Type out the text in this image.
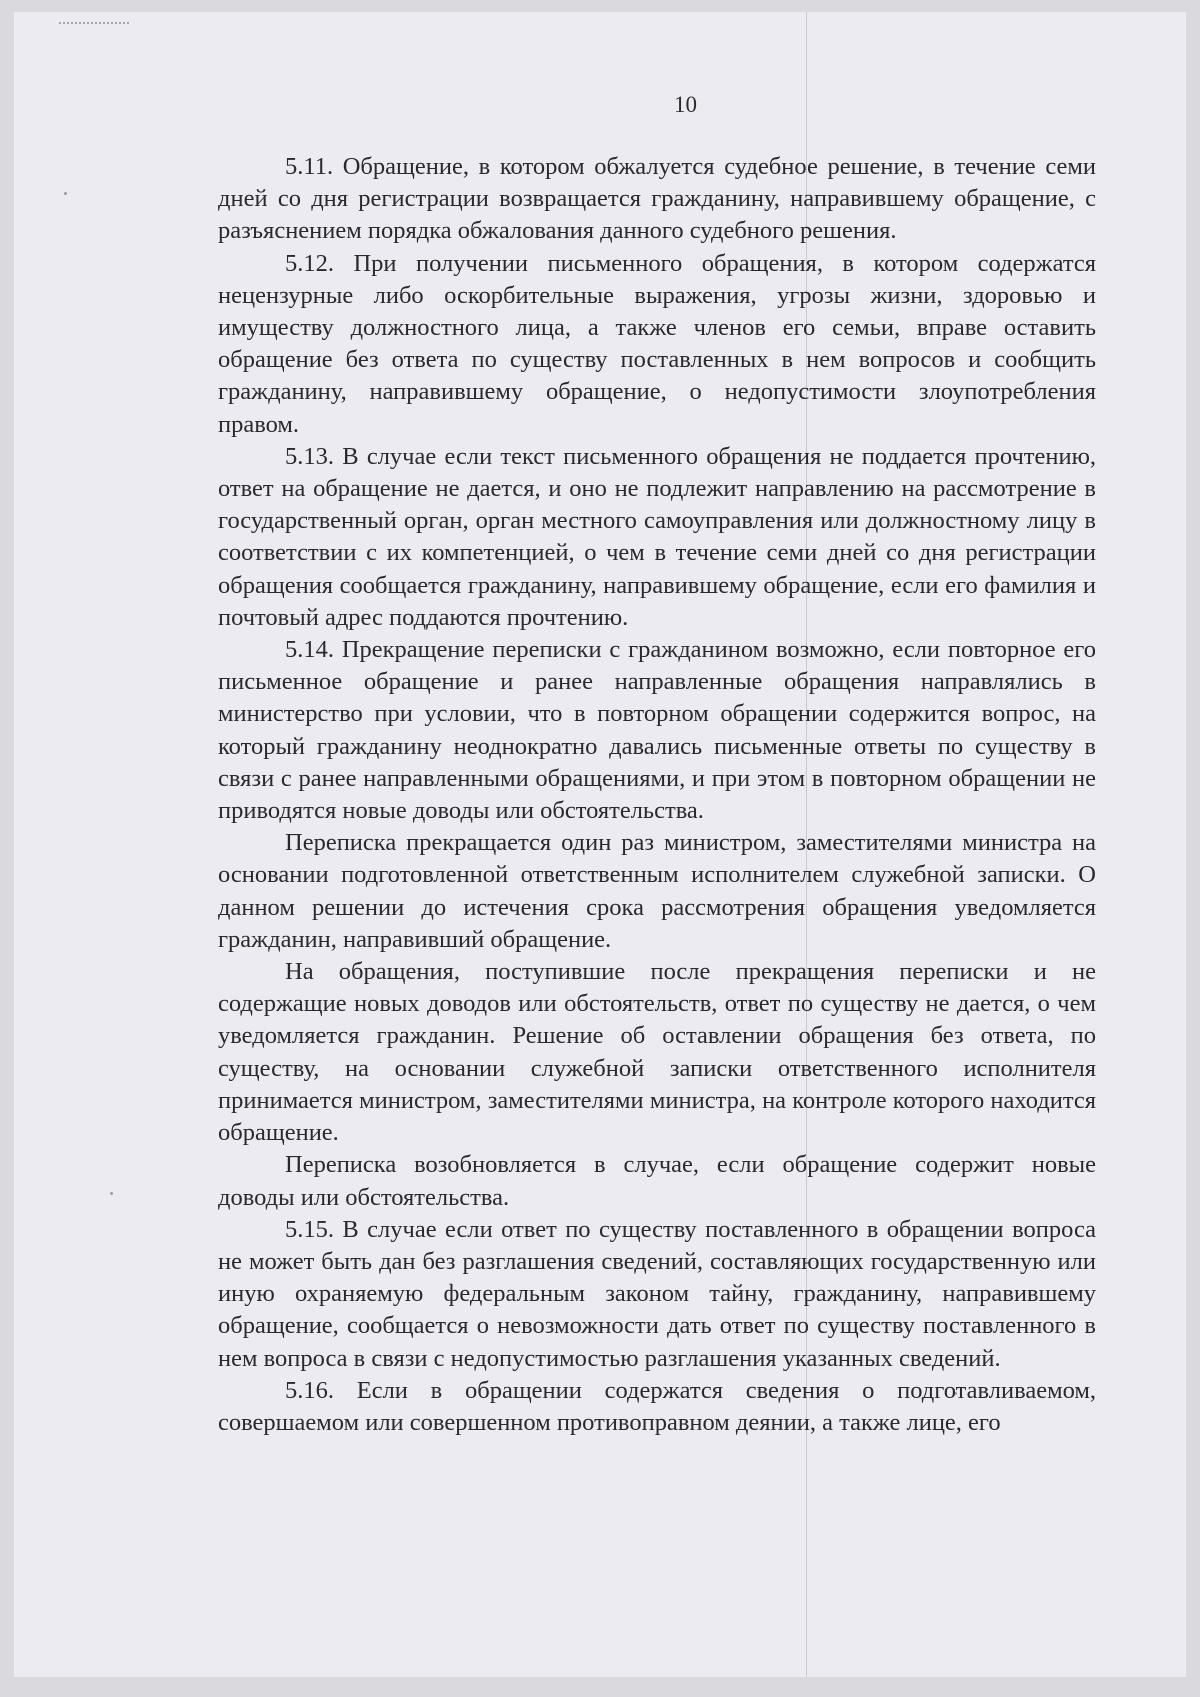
10

5.11. Обращение, в котором обжалуется судебное решение, в течение семи дней со дня регистрации возвращается гражданину, направившему обращение, с разъяснением порядка обжалования данного судебного решения.

5.12. При получении письменного обращения, в котором содержатся нецензурные либо оскорбительные выражения, угрозы жизни, здоровью и имуществу должностного лица, а также членов его семьи, вправе оставить обращение без ответа по существу поставленных в нем вопросов и сообщить гражданину, направившему обращение, о недопустимости злоупотребления правом.

5.13. В случае если текст письменного обращения не поддается прочтению, ответ на обращение не дается, и оно не подлежит направлению на рассмотрение в государственный орган, орган местного самоуправления или должностному лицу в соответствии с их компетенцией, о чем в течение семи дней со дня регистрации обращения сообщается гражданину, направившему обращение, если его фамилия и почтовый адрес поддаются прочтению.

5.14. Прекращение переписки с гражданином возможно, если повторное его письменное обращение и ранее направленные обращения направлялись в министерство при условии, что в повторном обращении содержится вопрос, на который гражданину неоднократно давались письменные ответы по существу в связи с ранее направленными обращениями, и при этом в повторном обращении не приводятся новые доводы или обстоятельства.

Переписка прекращается один раз министром, заместителями министра на основании подготовленной ответственным исполнителем служебной записки. О данном решении до истечения срока рассмотрения обращения уведомляется гражданин, направивший обращение.

На обращения, поступившие после прекращения переписки и не содержащие новых доводов или обстоятельств, ответ по существу не дается, о чем уведомляется гражданин. Решение об оставлении обращения без ответа, по существу, на основании служебной записки ответственного исполнителя принимается министром, заместителями министра, на контроле которого находится обращение.

Переписка возобновляется в случае, если обращение содержит новые доводы или обстоятельства.

5.15. В случае если ответ по существу поставленного в обращении вопроса не может быть дан без разглашения сведений, составляющих государственную или иную охраняемую федеральным законом тайну, гражданину, направившему обращение, сообщается о невозможности дать ответ по существу поставленного в нем вопроса в связи с недопустимостью разглашения указанных сведений.

5.16. Если в обращении содержатся сведения о подготавливаемом, совершаемом или совершенном противоправном деянии, а также лице, его
